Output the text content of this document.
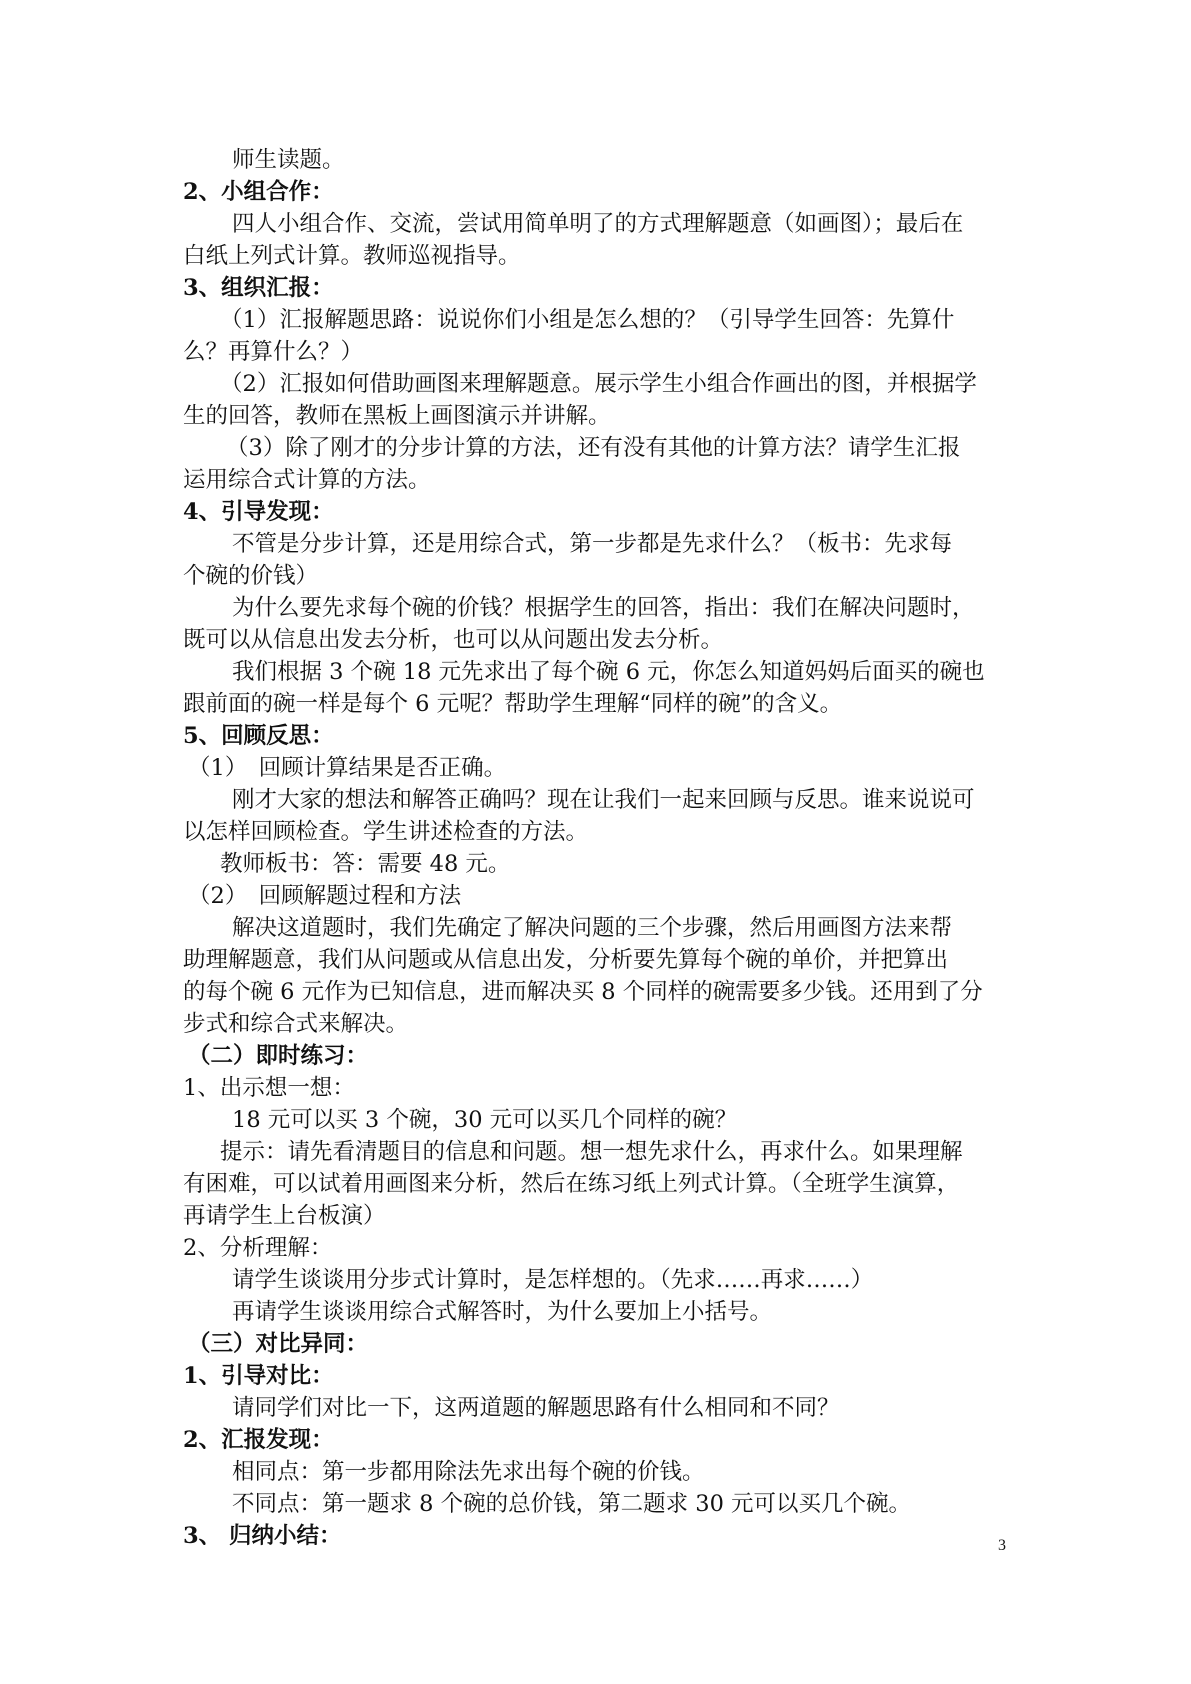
师生读题。

2、小组合作：

四人小组合作、交流，尝试用简单明了的方式理解题意（如画图）；最后在

白纸上列式计算。教师巡视指导。

3、组织汇报：

（1）汇报解题思路：说说你们小组是怎么想的？（引导学生回答：先算什

么？再算什么？）

（2）汇报如何借助画图来理解题意。展示学生小组合作画出的图，并根据学

生的回答，教师在黑板上画图演示并讲解。

（3）除了刚才的分步计算的方法，还有没有其他的计算方法？请学生汇报

运用综合式计算的方法。

4、引导发现：

不管是分步计算，还是用综合式，第一步都是先求什么？（板书：先求每

个碗的价钱）

为什么要先求每个碗的价钱？根据学生的回答，指出：我们在解决问题时，

既可以从信息出发去分析，也可以从问题出发去分析。

我们根据 3 个碗 18 元先求出了每个碗 6 元，你怎么知道妈妈后面买的碗也

跟前面的碗一样是每个 6 元呢？帮助学生理解“同样的碗”的含义。

5、回顾反思：

（1）　回顾计算结果是否正确。

刚才大家的想法和解答正确吗？现在让我们一起来回顾与反思。谁来说说可

以怎样回顾检查。学生讲述检查的方法。

教师板书：答：需要 48 元。

（2）　回顾解题过程和方法

解决这道题时，我们先确定了解决问题的三个步骤，然后用画图方法来帮

助理解题意，我们从问题或从信息出发，分析要先算每个碗的单价，并把算出

的每个碗 6 元作为已知信息，进而解决买 8 个同样的碗需要多少钱。还用到了分

步式和综合式来解决。

（二）即时练习：

1、出示想一想：

18 元可以买 3 个碗，30 元可以买几个同样的碗？

提示：请先看清题目的信息和问题。想一想先求什么，再求什么。如果理解

有困难，可以试着用画图来分析，然后在练习纸上列式计算。（全班学生演算，

再请学生上台板演）

2、分析理解：

请学生谈谈用分步式计算时，是怎样想的。（先求……再求……）

再请学生谈谈用综合式解答时，为什么要加上小括号。

（三）对比异同：

1、引导对比：

请同学们对比一下，这两道题的解题思路有什么相同和不同？

2、汇报发现：

相同点：第一步都用除法先求出每个碗的价钱。

不同点：第一题求 8 个碗的总价钱，第二题求 30 元可以买几个碗。

3、 归纳小结：	3
